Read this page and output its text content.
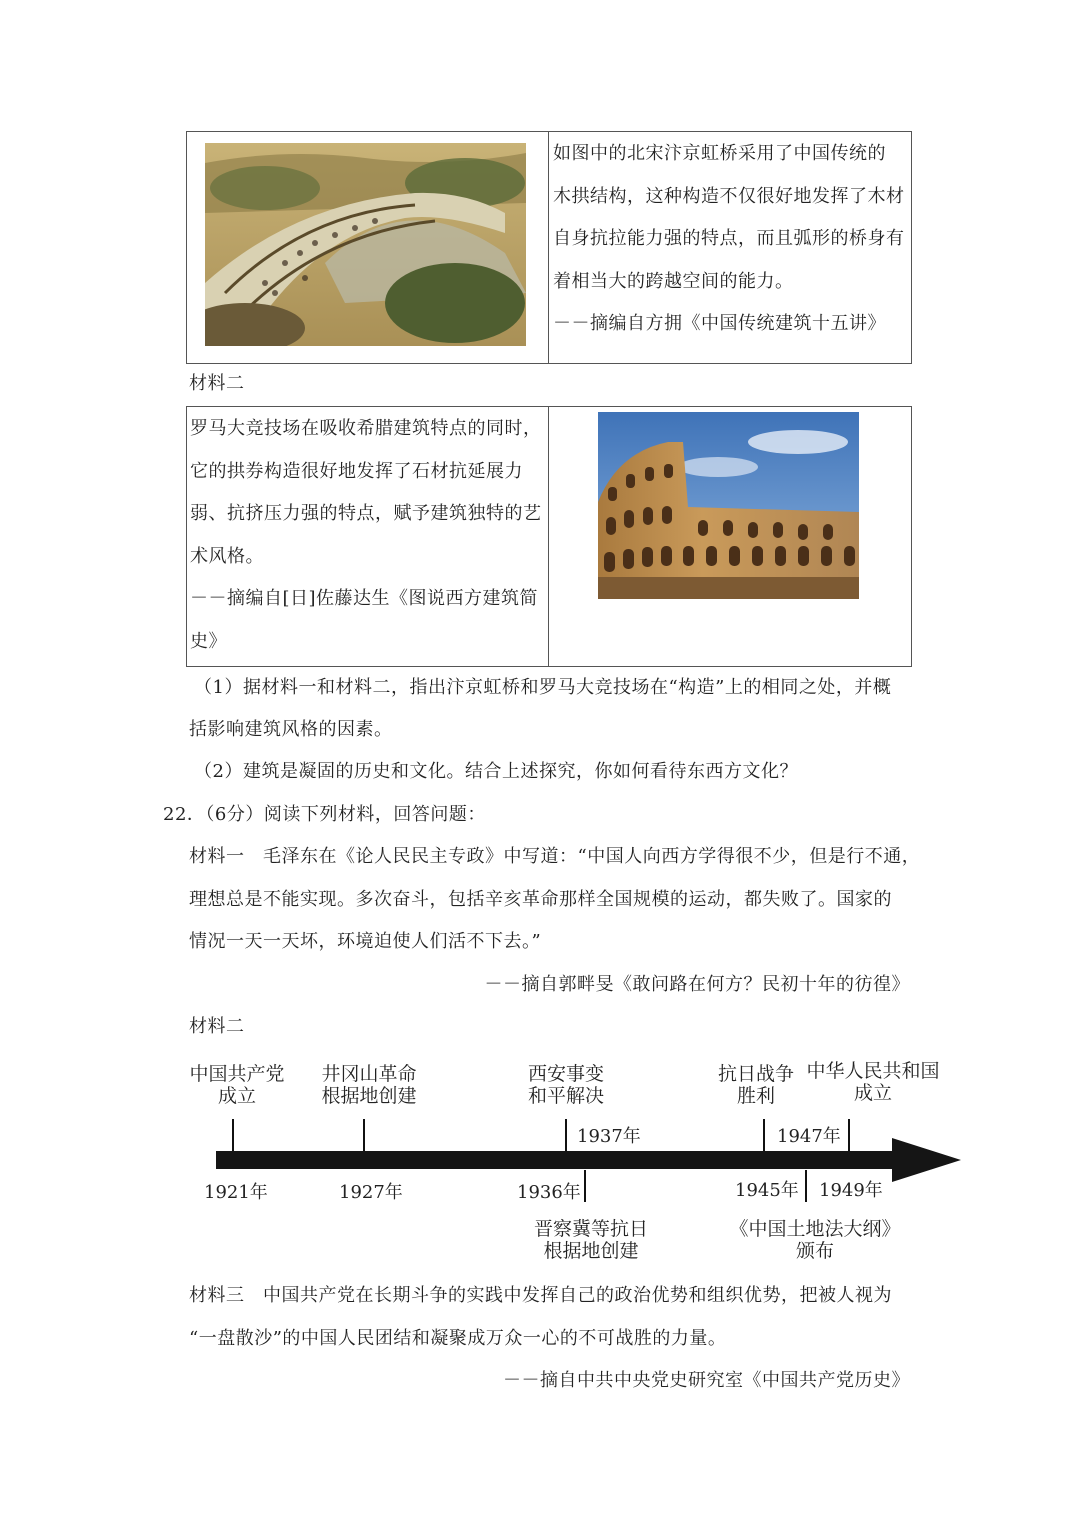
如图中的北宋汴京虹桥采用了中国传统的
木拱结构，这种构造不仅很好地发挥了木材
自身抗拉能力强的特点，而且弧形的桥身有
着相当大的跨越空间的能力。
－－摘编自方拥《中国传统建筑十五讲》
材料二
罗马大竞技场在吸收希腊建筑特点的同时，
它的拱券构造很好地发挥了石材抗延展力
弱、抗挤压力强的特点，赋予建筑独特的艺
术风格。
－－摘编自[日]佐藤达生《图说西方建筑简
史》
（1）据材料一和材料二，指出汴京虹桥和罗马大竞技场在“构造”上的相同之处，并概
括影响建筑风格的因素。
（2）建筑是凝固的历史和文化。结合上述探究，你如何看待东西方文化？
22．（6分）阅读下列材料，回答问题：
材料一　毛泽东在《论人民民主专政》中写道：“中国人向西方学得很不少，但是行不通，
理想总是不能实现。多次奋斗，包括辛亥革命那样全国规模的运动，都失败了。国家的
情况一天一天坏，环境迫使人们活不下去。”
－－摘自郭畔旻《敢问路在何方？民初十年的彷徨》
材料二
中国共产党
成立
井冈山革命
根据地创建
西安事变
和平解决
抗日战争
胜利
中华人民共和国
成立
1937年	1947年
1921年	1927年	1936年	1945年 1949年
晋察冀等抗日
根据地创建
《中国土地法大纲》
颁布
材料三　中国共产党在长期斗争的实践中发挥自己的政治优势和组织优势，把被人视为
“一盘散沙”的中国人民团结和凝聚成万众一心的不可战胜的力量。
－－摘自中共中央党史研究室《中国共产党历史》
